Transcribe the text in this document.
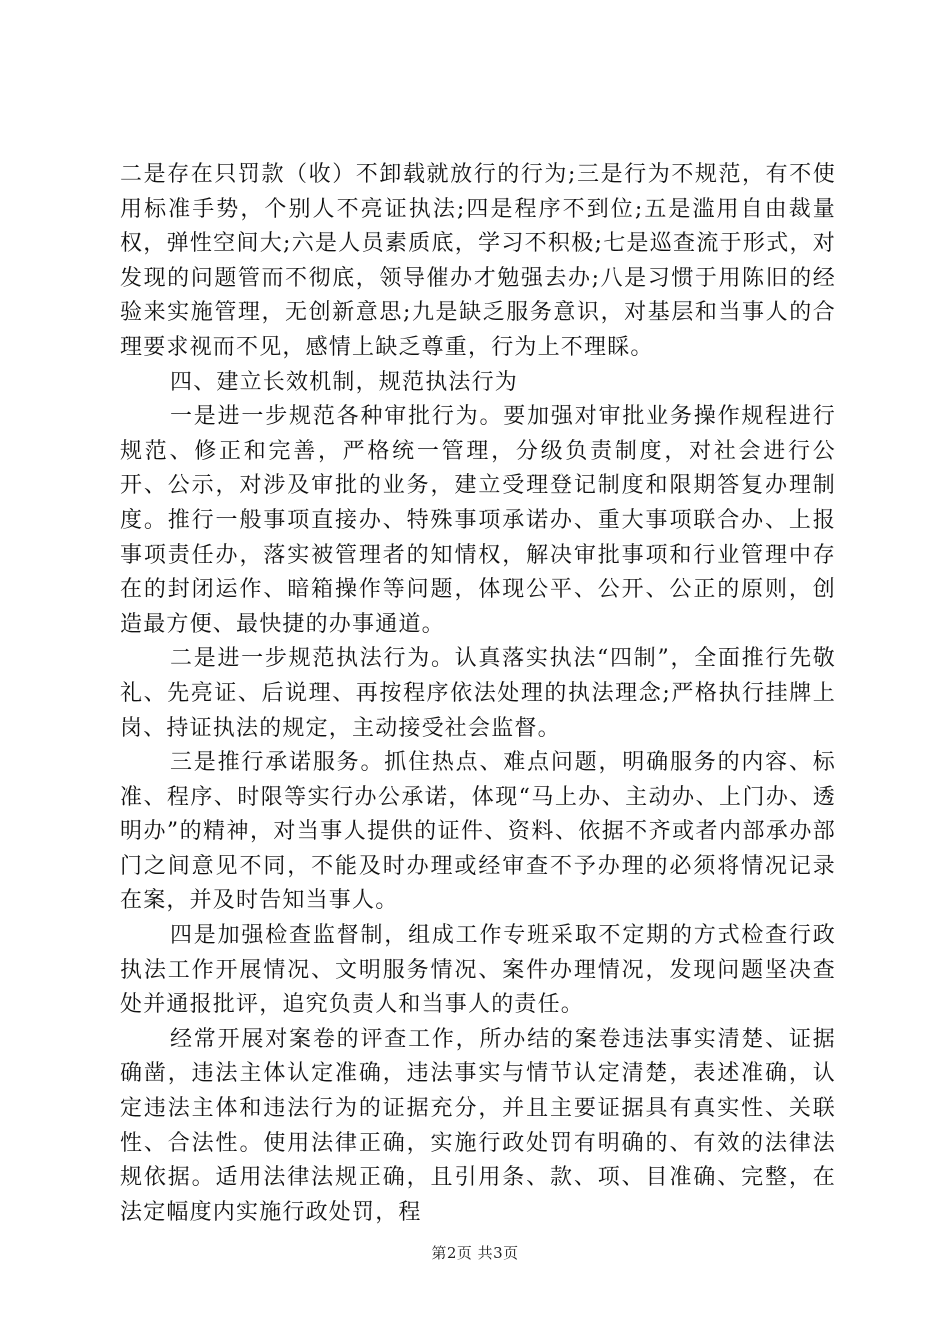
二是存在只罚款（收）不卸载就放行的行为;三是行为不规范，有不使用标准手势，个别人不亮证执法;四是程序不到位;五是滥用自由裁量权，弹性空间大;六是人员素质底，学习不积极;七是巡查流于形式，对发现的问题管而不彻底，领导催办才勉强去办;八是习惯于用陈旧的经验来实施管理，无创新意思;九是缺乏服务意识，对基层和当事人的合理要求视而不见，感情上缺乏尊重，行为上不理睬。

四、建立长效机制，规范执法行为

一是进一步规范各种审批行为。要加强对审批业务操作规程进行规范、修正和完善，严格统一管理，分级负责制度，对社会进行公开、公示，对涉及审批的业务，建立受理登记制度和限期答复办理制度。推行一般事项直接办、特殊事项承诺办、重大事项联合办、上报事项责任办，落实被管理者的知情权，解决审批事项和行业管理中存在的封闭运作、暗箱操作等问题，体现公平、公开、公正的原则，创造最方便、最快捷的办事通道。

二是进一步规范执法行为。认真落实执法“四制”，全面推行先敬礼、先亮证、后说理、再按程序依法处理的执法理念;严格执行挂牌上岗、持证执法的规定，主动接受社会监督。

三是推行承诺服务。抓住热点、难点问题，明确服务的内容、标准、程序、时限等实行办公承诺，体现“马上办、主动办、上门办、透明办”的精神，对当事人提供的证件、资料、依据不齐或者内部承办部门之间意见不同，不能及时办理或经审查不予办理的必须将情况记录在案，并及时告知当事人。

四是加强检查监督制，组成工作专班采取不定期的方式检查行政执法工作开展情况、文明服务情况、案件办理情况，发现问题坚决查处并通报批评，追究负责人和当事人的责任。

经常开展对案卷的评查工作，所办结的案卷违法事实清楚、证据确凿，违法主体认定准确，违法事实与情节认定清楚，表述准确，认定违法主体和违法行为的证据充分，并且主要证据具有真实性、关联性、合法性。使用法律正确，实施行政处罚有明确的、有效的法律法规依据。适用法律法规正确，且引用条、款、项、目准确、完整，在法定幅度内实施行政处罚，程

第2页 共3页
